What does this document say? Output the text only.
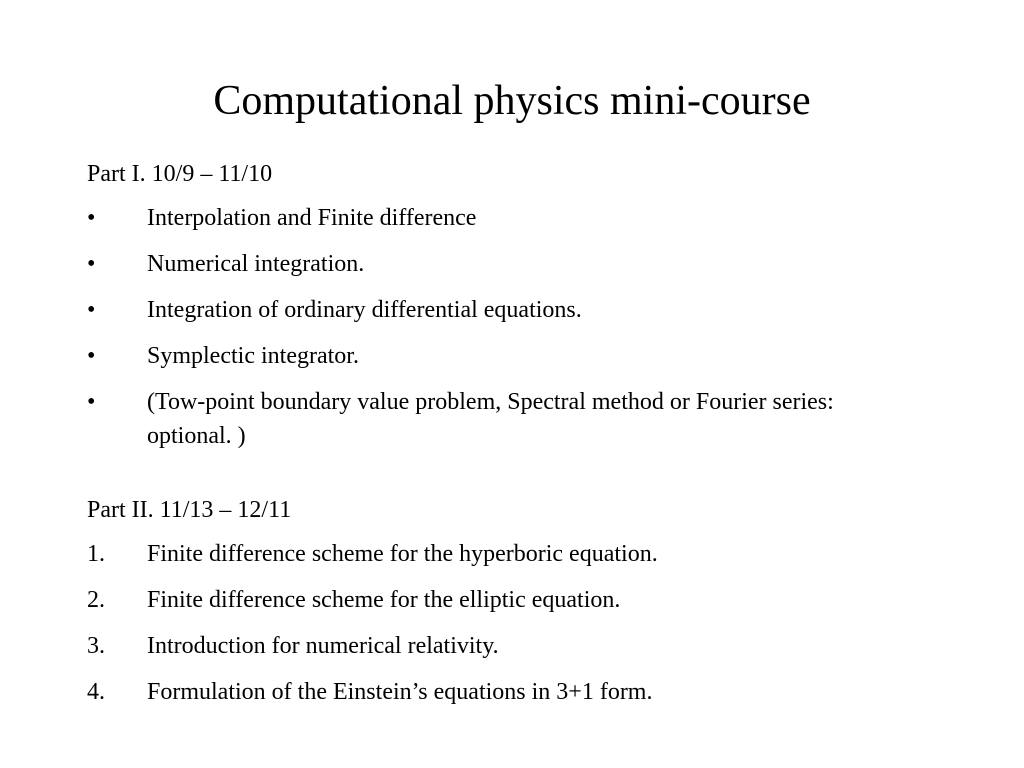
Computational physics mini-course
Part I. 10/9 – 11/10
•	Interpolation and Finite difference
•	Numerical integration.
•	Integration of ordinary differential equations.
•	Symplectic integrator.
•	(Tow-point boundary value problem, Spectral method or Fourier series: optional. )
Part II. 11/13 – 12/11
1.	Finite difference scheme for the hyperboric equation.
2.	Finite difference scheme for the elliptic equation.
3.	Introduction for numerical relativity.
4.	Formulation of the Einstein’s equations in 3+1 form.
